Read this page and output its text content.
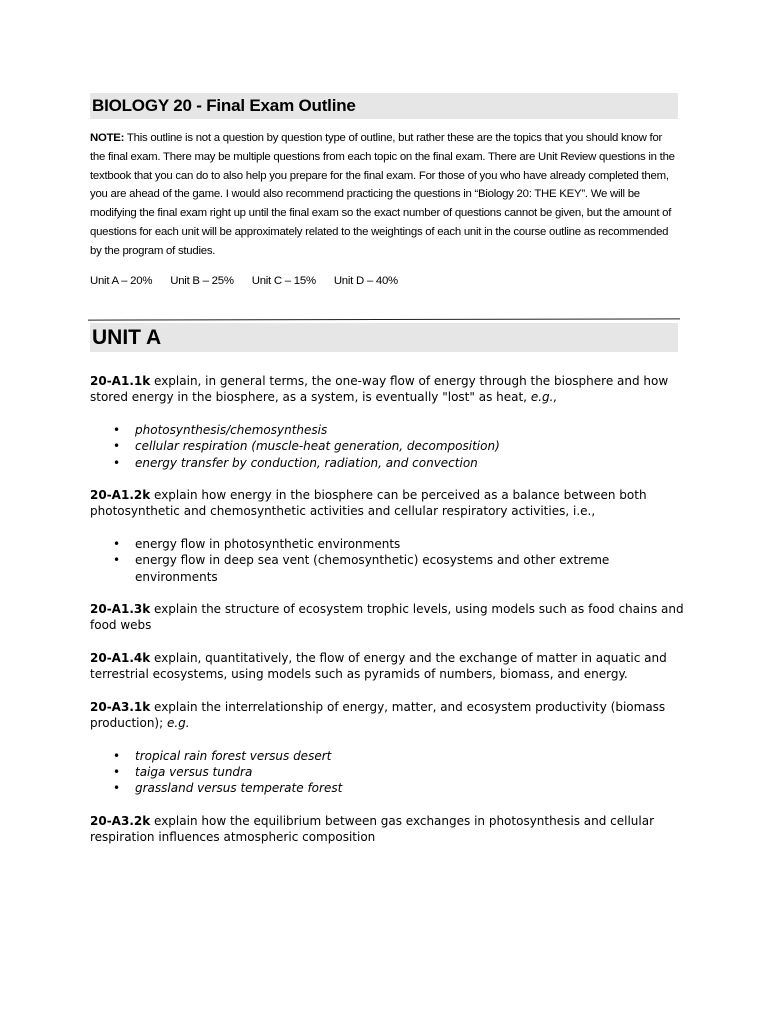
BIOLOGY 20 - Final Exam Outline
NOTE: This outline is not a question by question type of outline, but rather these are the topics that you should know for the final exam. There may be multiple questions from each topic on the final exam. There are Unit Review questions in the textbook that you can do to also help you prepare for the final exam. For those of you who have already completed them, you are ahead of the game. I would also recommend practicing the questions in “Biology 20: THE KEY”. We will be modifying the final exam right up until the final exam so the exact number of questions cannot be given, but the amount of questions for each unit will be approximately related to the weightings of each unit in the course outline as recommended by the program of studies.
Unit A – 20% Unit B – 25% Unit C – 15% Unit D – 40%
UNIT A

20-A1.1k explain, in general terms, the one-way flow of energy through the biosphere and how stored energy in the biosphere, as a system, is eventually "lost" as heat, e.g.,

• photosynthesis/chemosynthesis
• cellular respiration (muscle-heat generation, decomposition)
• energy transfer by conduction, radiation, and convection

20-A1.2k explain how energy in the biosphere can be perceived as a balance between both photosynthetic and chemosynthetic activities and cellular respiratory activities, i.e.,

• energy flow in photosynthetic environments
• energy flow in deep sea vent (chemosynthetic) ecosystems and other extreme environments

20-A1.3k explain the structure of ecosystem trophic levels, using models such as food chains and food webs

20-A1.4k explain, quantitatively, the flow of energy and the exchange of matter in aquatic and terrestrial ecosystems, using models such as pyramids of numbers, biomass, and energy.

20-A3.1k explain the interrelationship of energy, matter, and ecosystem productivity (biomass production); e.g.

• tropical rain forest versus desert
• taiga versus tundra
• grassland versus temperate forest

20-A3.2k explain how the equilibrium between gas exchanges in photosynthesis and cellular respiration influences atmospheric composition
